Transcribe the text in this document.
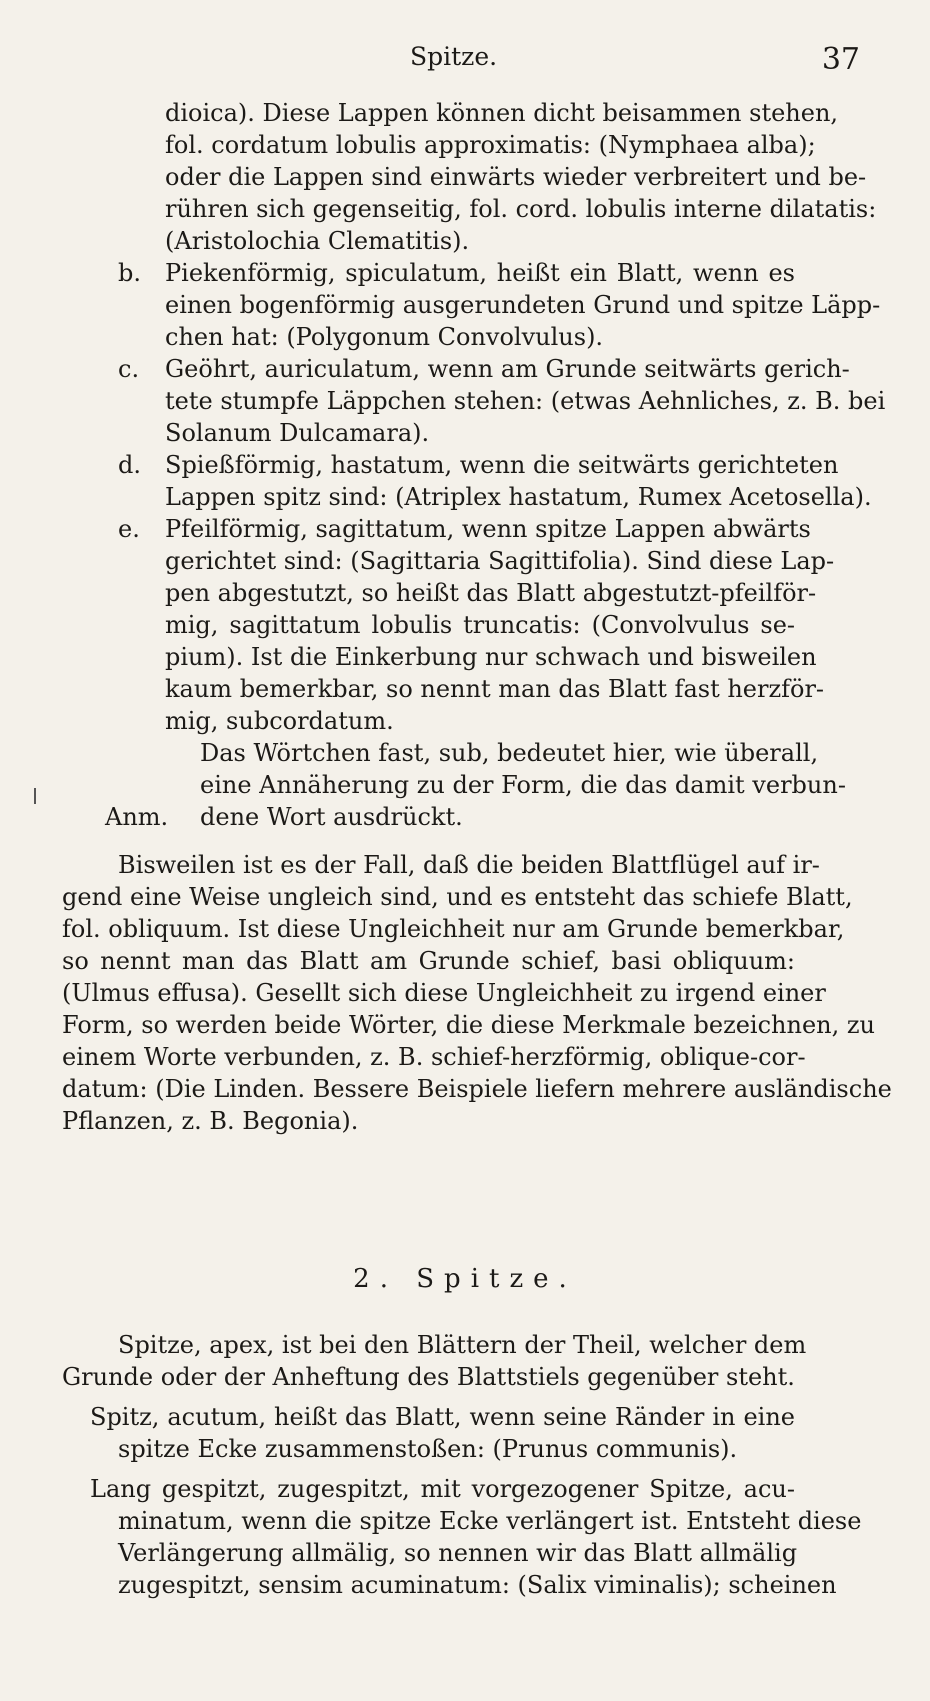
Spitze.	37
b.
c.
d.
e.
Anm.
dioica). Diese Lappen können dicht beisammen stehen,
fol. cordatum lobulis approximatis: (Nymphaea alba);
oder die Lappen sind einwärts wieder verbreitert und be-
rühren sich gegenseitig, fol. cord. lobulis interne dilatatis:
(Aristolochia Clematitis).
Piekenförmig, spiculatum, heißt ein Blatt, wenn es
einen bogenförmig ausgerundeten Grund und spitze Läpp-
chen hat: (Polygonum Convolvulus).
Geöhrt, auriculatum, wenn am Grunde seitwärts gerich-
tete stumpfe Läppchen stehen: (etwas Aehnliches, z. B. bei
Solanum Dulcamara).
Spießförmig, hastatum, wenn die seitwärts gerichteten
Lappen spitz sind: (Atriplex hastatum, Rumex Acetosella).
Pfeilförmig, sagittatum, wenn spitze Lappen abwärts
gerichtet sind: (Sagittaria Sagittifolia). Sind diese Lap-
pen abgestutzt, so heißt das Blatt abgestutzt-pfeilför-
mig, sagittatum lobulis truncatis: (Convolvulus se-
pium). Ist die Einkerbung nur schwach und bisweilen
kaum bemerkbar, so nennt man das Blatt fast herzför-
mig, subcordatum.
Das Wörtchen fast, sub, bedeutet hier, wie überall,
eine Annäherung zu der Form, die das damit verbun-
dene Wort ausdrückt.
Bisweilen ist es der Fall, daß die beiden Blattflügel auf ir-
gend eine Weise ungleich sind, und es entsteht das schiefe Blatt,
fol. obliquum. Ist diese Ungleichheit nur am Grunde bemerkbar,
so nennt man das Blatt am Grunde schief, basi obliquum:
(Ulmus effusa). Gesellt sich diese Ungleichheit zu irgend einer
Form, so werden beide Wörter, die diese Merkmale bezeichnen, zu
einem Worte verbunden, z. B. schief-herzförmig, oblique-cor-
datum: (Die Linden. Bessere Beispiele liefern mehrere ausländische
Pflanzen, z. B. Begonia).
2. Spitze.
Spitze, apex, ist bei den Blättern der Theil, welcher dem
Grunde oder der Anheftung des Blattstiels gegenüber steht.
Spitz, acutum, heißt das Blatt, wenn seine Ränder in eine
spitze Ecke zusammenstoßen: (Prunus communis).
Lang gespitzt, zugespitzt, mit vorgezogener Spitze, acu-
minatum, wenn die spitze Ecke verlängert ist. Entsteht diese
Verlängerung allmälig, so nennen wir das Blatt allmälig
zugespitzt, sensim acuminatum: (Salix viminalis); scheinen
